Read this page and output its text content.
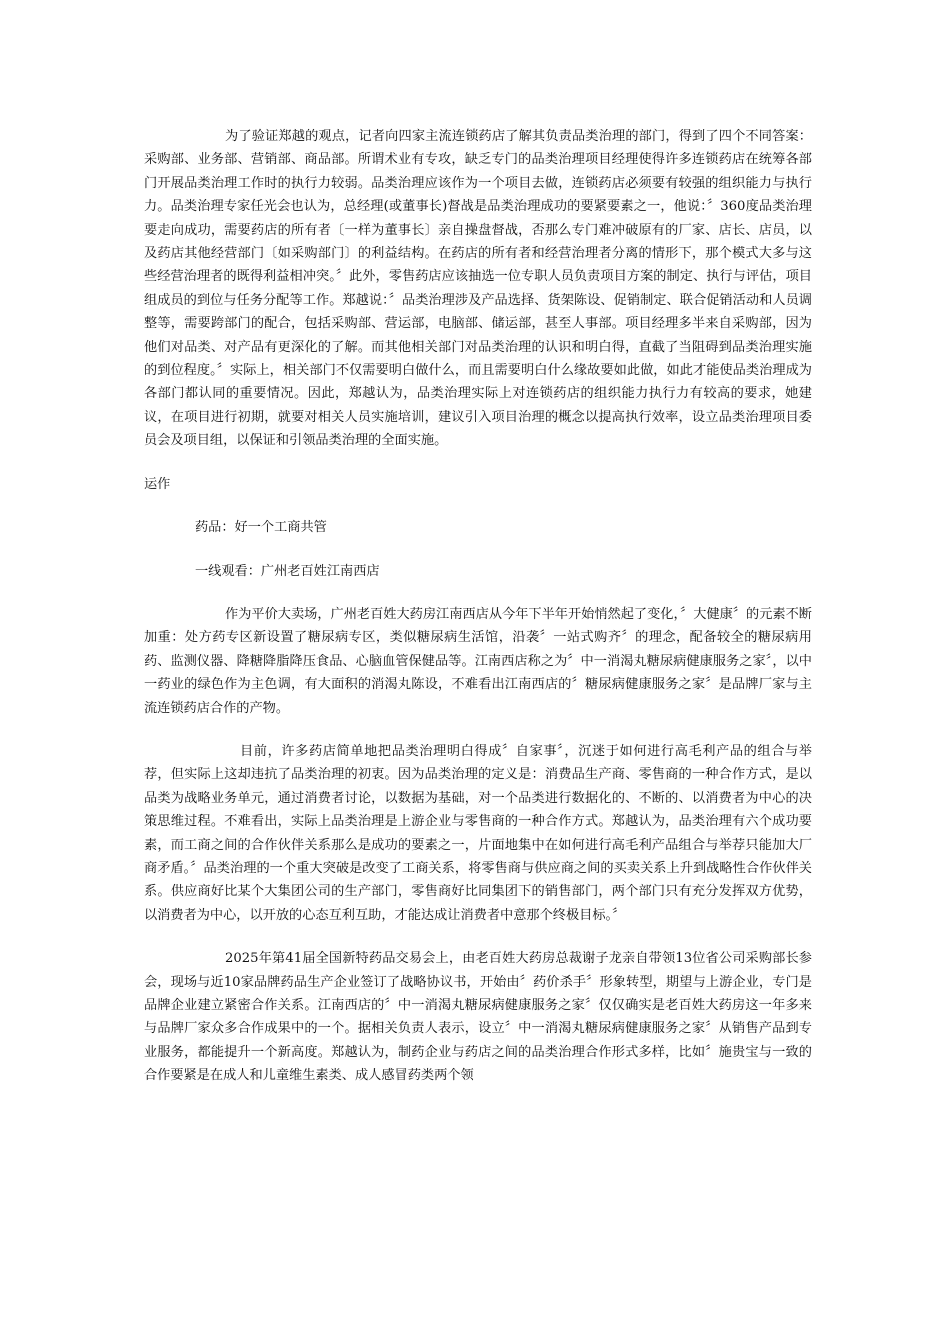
为了验证郑越的观点，记者向四家主流连锁药店了解其负责品类治理的部门，得到了四个不同答案：采购部、业务部、营销部、商品部。所谓术业有专攻，缺乏专门的品类治理项目经理使得许多连锁药店在统筹各部门开展品类治理工作时的执行力较弱。品类治理应该作为一个项目去做，连锁药店必须要有较强的组织能力与执行力。品类治理专家任光会也认为，总经理(或董事长)督战是品类治理成功的要紧要素之一，他说：〞360度品类治理要走向成功，需要药店的所有者〔一样为董事长〕亲自操盘督战，否那么专门难冲破原有的厂家、店长、店员，以及药店其他经营部门〔如采购部门〕的利益结构。在药店的所有者和经营治理者分离的情形下，那个模式大多与这些经营治理者的既得利益相冲突。〞此外，零售药店应该抽选一位专职人员负责项目方案的制定、执行与评估，项目组成员的到位与任务分配等工作。郑越说：〞品类治理涉及产品选择、货架陈设、促销制定、联合促销活动和人员调整等，需要跨部门的配合，包括采购部、营运部，电脑部、储运部，甚至人事部。项目经理多半来自采购部，因为他们对品类、对产品有更深化的了解。而其他相关部门对品类治理的认识和明白得，直截了当阻碍到品类治理实施的到位程度。〞实际上，相关部门不仅需要明白做什么，而且需要明白什么缘故要如此做，如此才能使品类治理成为各部门都认同的重要情况。因此，郑越认为，品类治理实际上对连锁药店的组织能力执行力有较高的要求，她建议，在项目进行初期，就要对相关人员实施培训，建议引入项目治理的概念以提高执行效率，设立品类治理项目委员会及项目组，以保证和引领品类治理的全面实施。

运作

药品：好一个工商共管

一线观看：广州老百姓江南西店

作为平价大卖场，广州老百姓大药房江南西店从今年下半年开始悄然起了变化，〞大健康〞的元素不断加重：处方药专区新设置了糖尿病专区，类似糖尿病生活馆，沿袭〞一站式购齐〞的理念，配备较全的糖尿病用药、监测仪器、降糖降脂降压食品、心脑血管保健品等。江南西店称之为〞中一消渴丸糖尿病健康服务之家〞，以中一药业的绿色作为主色调，有大面积的消渴丸陈设，不难看出江南西店的〞糖尿病健康服务之家〞是品牌厂家与主流连锁药店合作的产物。

目前，许多药店简单地把品类治理明白得成〞自家事〞，沉迷于如何进行高毛利产品的组合与举荐，但实际上这却违抗了品类治理的初衷。因为品类治理的定义是：消费品生产商、零售商的一种合作方式，是以品类为战略业务单元，通过消费者讨论，以数据为基础，对一个品类进行数据化的、不断的、以消费者为中心的决策思维过程。不难看出，实际上品类治理是上游企业与零售商的一种合作方式。郑越认为，品类治理有六个成功要素，而工商之间的合作伙伴关系那么是成功的要素之一，片面地集中在如何进行高毛利产品组合与举荐只能加大厂商矛盾。〞品类治理的一个重大突破是改变了工商关系，将零售商与供应商之间的买卖关系上升到战略性合作伙伴关系。供应商好比某个大集团公司的生产部门，零售商好比同集团下的销售部门，两个部门只有充分发挥双方优势，以消费者为中心，以开放的心态互利互助，才能达成让消费者中意那个终极目标。〞

2025年第41届全国新特药品交易会上，由老百姓大药房总裁谢子龙亲自带领13位省公司采购部长参会，现场与近10家品牌药品生产企业签订了战略协议书，开始由〞药价杀手〞形象转型，期望与上游企业，专门是品牌企业建立紧密合作关系。江南西店的〞中一消渴丸糖尿病健康服务之家〞仅仅确实是老百姓大药房这一年多来与品牌厂家众多合作成果中的一个。据相关负责人表示，设立〞中一消渴丸糖尿病健康服务之家〞从销售产品到专业服务，都能提升一个新高度。郑越认为，制药企业与药店之间的品类治理合作形式多样，比如〞施贵宝与一致的合作要紧是在成人和儿童维生素类、成人感冒药类两个领
